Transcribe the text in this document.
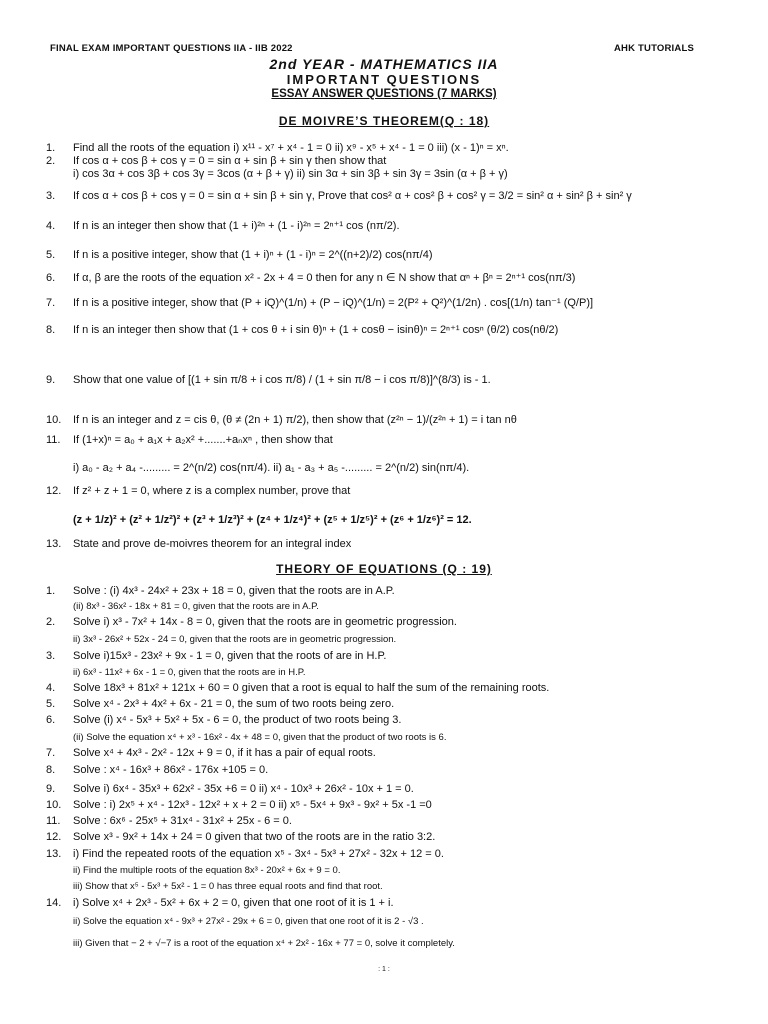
FINAL EXAM IMPORTANT QUESTIONS IIA - IIB 2022	AHK TUTORIALS
2nd YEAR - MATHEMATICS IIA
IMPORTANT QUESTIONS
ESSAY ANSWER QUESTIONS (7 MARKS)
DE MOIVRE’S THEOREM(Q : 18)
1. Find all the roots of the equation i) x¹¹ - x⁷ + x⁴ - 1 = 0 ii) x⁹ - x⁵ + x⁴ - 1 = 0 iii) (x - 1)ⁿ = xⁿ.
2. If cos α + cos β + cos γ = 0 = sin α + sin β + sin γ then show that
i) cos 3α + cos 3β + cos 3γ = 3cos (α + β + γ) ii) sin 3α + sin 3β + sin 3γ = 3sin (α + β + γ)
3. If cos α + cos β + cos γ = 0 = sin α + sin β + sin γ, Prove that cos² α + cos² β + cos² γ = 3/2 = sin² α + sin² β + sin² γ
4. If n is an integer then show that (1 + i)²ⁿ + (1 - i)²ⁿ = 2ⁿ⁺¹ cos (nπ/2).
5. If n is a positive integer, show that (1 + i)ⁿ + (1 - i)ⁿ = 2^((n+2)/2) cos(nπ/4)
6. If α, β are the roots of the equation x² - 2x + 4 = 0 then for any n ∈ N show that αⁿ + βⁿ = 2ⁿ⁺¹ cos(nπ/3)
7. If n is a positive integer, show that (P + iQ)^(1/n) + (P − iQ)^(1/n) = 2(P² + Q²)^(1/2n) . cos[(1/n) tan⁻¹ (Q/P)]
8. If n is an integer then show that (1 + cos θ + i sin θ)ⁿ + (1 + cosθ − isinθ)ⁿ = 2ⁿ⁺¹ cosⁿ (θ/2) cos(nθ/2)
9. Show that one value of [(1 + sin π/8 + i cos π/8) / (1 + sin π/8 − i cos π/8)]^(8/3) is - 1.
10. If n is an integer and z = cis θ, (θ ≠ (2n + 1) π/2), then show that (z²ⁿ − 1)/(z²ⁿ + 1) = i tan nθ
11. If (1+x)ⁿ = a₀ + a₁x + a₂x² +.......+aₙxⁿ , then show that
i) a₀ - a₂ + a₄ -......... = 2^(n/2) cos(nπ/4). ii) a₁ - a₃ + a₅ -......... = 2^(n/2) sin(nπ/4).
12. If z² + z + 1 = 0, where z is a complex number, prove that
(z + 1/z)² + (z² + 1/z²)² + (z³ + 1/z³)² + (z⁴ + 1/z⁴)² + (z⁵ + 1/z⁵)² + (z⁶ + 1/z⁶)² = 12.
13. State and prove de-moivres theorem for an integral index
THEORY OF EQUATIONS (Q : 19)
1. Solve : (i) 4x³ - 24x² + 23x + 18 = 0, given that the roots are in A.P.
(ii) 8x³ - 36x² - 18x + 81 = 0, given that the roots are in A.P.
2. Solve i) x³ - 7x² + 14x - 8 = 0, given that the roots are in geometric progression.
ii) 3x³ - 26x² + 52x - 24 = 0, given that the roots are in geometric progression.
3. Solve i)15x³ - 23x² + 9x - 1 = 0, given that the roots of are in H.P.
ii) 6x³ - 11x² + 6x - 1 = 0, given that the roots are in H.P.
4. Solve 18x³ + 81x² + 121x + 60 = 0 given that a root is equal to half the sum of the remaining roots.
5. Solve x⁴ - 2x³ + 4x² + 6x - 21 = 0, the sum of two roots being zero.
6. Solve (i) x⁴ - 5x³ + 5x² + 5x - 6 = 0, the product of two roots being 3.
(ii) Solve the equation x⁴ + x³ - 16x² - 4x + 48 = 0, given that the product of two roots is 6.
7. Solve x⁴ + 4x³ - 2x² - 12x + 9 = 0, if it has a pair of equal roots.
8. Solve : x⁴ - 16x³ + 86x² - 176x +105 = 0.
9. Solve i) 6x⁴ - 35x³ + 62x² - 35x +6 = 0 ii) x⁴ - 10x³ + 26x² - 10x + 1 = 0.
10. Solve : i) 2x⁵ + x⁴ - 12x³ - 12x² + x + 2 = 0 ii) x⁵ - 5x⁴ + 9x³ - 9x² + 5x -1 =0
11. Solve : 6x⁶ - 25x⁵ + 31x⁴ - 31x² + 25x - 6 = 0.
12. Solve x³ - 9x² + 14x + 24 = 0 given that two of the roots are in the ratio 3:2.
13. i) Find the repeated roots of the equation x⁵ - 3x⁴ - 5x³ + 27x² - 32x + 12 = 0.
ii) Find the multiple roots of the equation 8x³ - 20x² + 6x + 9 = 0.
iii) Show that x⁵ - 5x³ + 5x² - 1 = 0 has three equal roots and find that root.
14. i) Solve x⁴ + 2x³ - 5x² + 6x + 2 = 0, given that one root of it is 1 + i.
ii) Solve the equation x⁴ - 9x³ + 27x² - 29x + 6 = 0, given that one root of it is 2 - √3 .
iii) Given that − 2 + √−7 is a root of the equation x⁴ + 2x² - 16x + 77 = 0, solve it completely.
: 1 :
